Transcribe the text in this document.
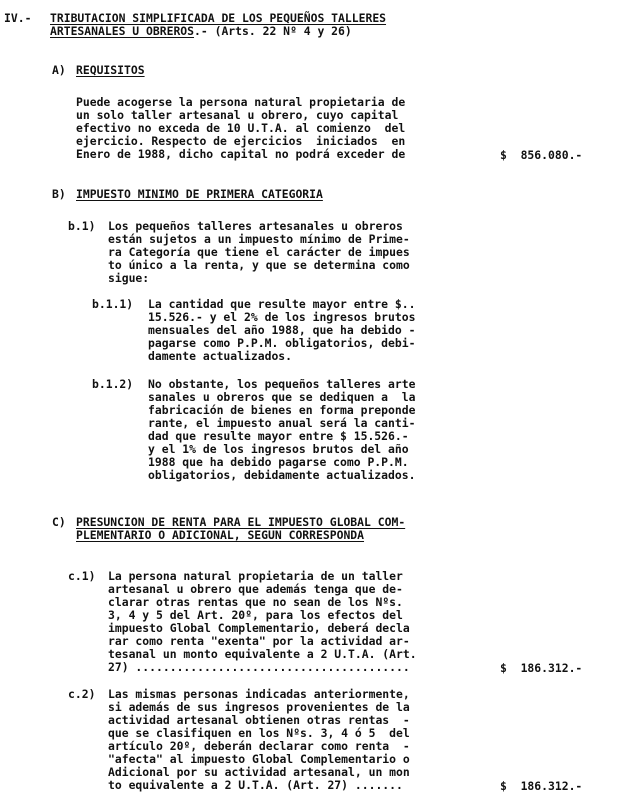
IV.- TRIBUTACION SIMPLIFICADA DE LOS PEQUEÑOS TALLERES
ARTESANALES U OBREROS.- (Arts. 22 Nº 4 y 26)
A) REQUISITOS
Puede acogerse la persona natural propietaria de
un solo taller artesanal u obrero, cuyo capital
efectivo no exceda de 10 U.T.A. al comienzo  del
ejercicio. Respecto de ejercicios  iniciados  en
Enero de 1988, dicho capital no podrá exceder de	$  856.080.-
B) IMPUESTO MINIMO DE PRIMERA CATEGORIA
b.1) Los pequeños talleres artesanales u obreros
están sujetos a un impuesto mínimo de Prime-
ra Categoría que tiene el carácter de impues
to único a la renta, y que se determina como
sigue:
b.1.1) La cantidad que resulte mayor entre $..
15.526.- y el 2% de los ingresos brutos
mensuales del año 1988, que ha debido -
pagarse como P.P.M. obligatorios, debi-
damente actualizados.
b.1.2) No obstante, los pequeños talleres arte
sanales u obreros que se dediquen a  la
fabricación de bienes en forma preponde
rante, el impuesto anual será la canti-
dad que resulte mayor entre $ 15.526.-
y el 1% de los ingresos brutos del año
1988 que ha debido pagarse como P.P.M.
obligatorios, debidamente actualizados.
C) PRESUNCION DE RENTA PARA EL IMPUESTO GLOBAL COM-
PLEMENTARIO O ADICIONAL, SEGUN CORRESPONDA
c.1) La persona natural propietaria de un taller
artesanal u obrero que además tenga que de-
clarar otras rentas que no sean de los Nºs.
3, 4 y 5 del Art. 20º, para los efectos del
impuesto Global Complementario, deberá decla
rar como renta "exenta" por la actividad ar-
tesanal un monto equivalente a 2 U.T.A. (Art.
27) ........................................	$  186.312.-
c.2) Las mismas personas indicadas anteriormente,
si además de sus ingresos provenientes de la
actividad artesanal obtienen otras rentas  -
que se clasifiquen en los Nºs. 3, 4 ó 5  del
artículo 20º, deberán declarar como renta  -
"afecta" al impuesto Global Complementario o
Adicional por su actividad artesanal, un mon
to equivalente a 2 U.T.A. (Art. 27) .......	$  186.312.-
